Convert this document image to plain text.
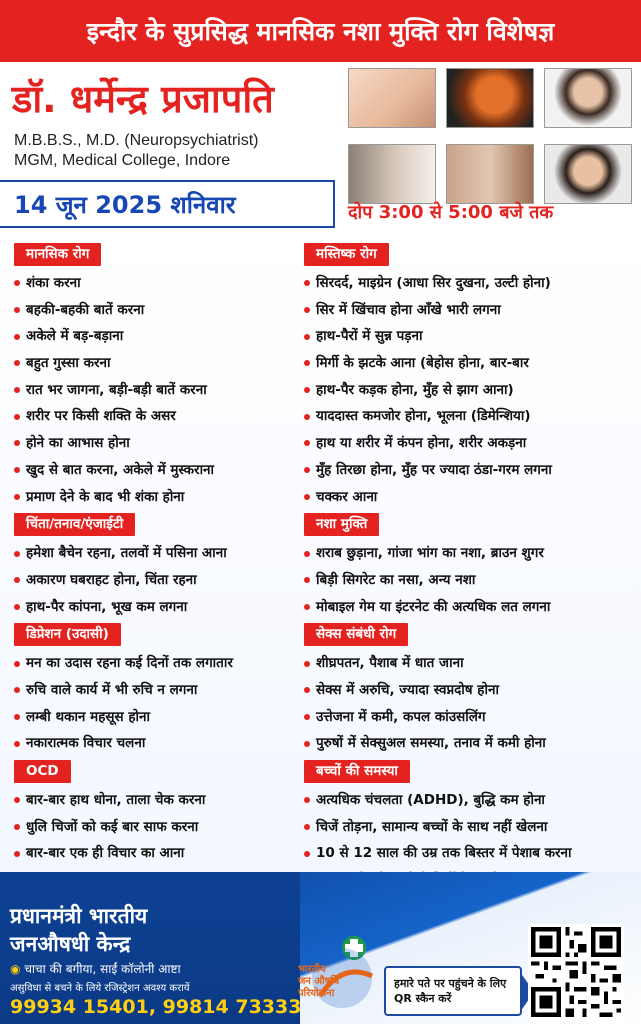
इन्दौर के सुप्रसिद्ध मानसिक नशा मुक्ति रोग विशेषज्ञ
डॉ. धर्मेन्द्र प्रजापति
M.B.B.S., M.D. (Neuropsychiatrist)
MGM, Medical College, Indore
14 जून 2025 शनिवार	दोप 3:00 से 5:00 बजे तक
मानसिक रोग
शंका करना
बहकी-बहकी बातें करना
अकेले में बड़-बड़ाना
बहुत गुस्सा करना
रात भर जागना, बड़ी-बड़ी बातें करना
शरीर पर किसी शक्ति के असर
होने का आभास होना
खुद से बात करना, अकेले में मुस्कराना
प्रमाण देने के बाद भी शंका होना
चिंता/तनाव/एंजाईटी
हमेशा बैचेन रहना, तलवों में पसिना आना
अकारण घबराहट होना, चिंता रहना
हाथ-पैर कांपना, भूख कम लगना
डिप्रेशन (उदासी)
मन का उदास रहना कई दिनों तक लगातार
रुचि वाले कार्य में भी रुचि न लगना
लम्बी थकान महसूस होना
नकारात्मक विचार चलना
OCD
बार-बार हाथ धोना, ताला चेक करना
धुलि चिजों को कई बार साफ करना
बार-बार एक ही विचार का आना
मस्तिष्क रोग
सिरदर्द, माइग्रेन (आधा सिर दुखना, उल्टी होना)
सिर में खिंचाव होना आँखे भारी लगना
हाथ-पैरों में सुन्न पड़ना
मिर्गी के झटके आना (बेहोस होना, बार-बार
हाथ-पैर कड़क होना, मुँह से झाग आना)
याददास्त कमजोर होना, भूलना (डिमेन्शिया)
हाथ या शरीर में कंपन होना, शरीर अकड़ना
मुँह तिरछा होना, मुँह पर ज्यादा ठंडा-गरम लगना
चक्कर आना
नशा मुक्ति
शराब छुड़ाना, गांजा भांग का नशा, ब्राउन शुगर
बिड़ी सिगरेट का नसा, अन्य नशा
मोबाइल गेम या इंटरनेट की अत्यधिक लत लगना
सेक्स संबंधी रोग
शीघ्रपतन, पैशाब में धात जाना
सेक्स में अरुचि, ज्यादा स्वप्नदोष होना
उत्तेजना में कमी, कपल कांउसलिंग
पुरुषों में सेक्सुअल समस्या, तनाव में कमी होना
बच्चों की समस्या
अत्यधिक चंचलता (ADHD), बुद्धि कम होना
चिजें तोड़ना, सामान्य बच्चों के साथ नहीं खेलना
10 से 12 साल की उम्र तक बिस्तर में पेशाब करना
प्रधानमंत्री भारतीय
जनऔषधी केन्द्र
◉ चाचा की बगीया, साईं कॉलोनी आष्टा
असुविधा से बचने के लिये रजिस्ट्रेशन अवश्य करायें
99934 15401, 99814 73333
भारतीय
जन औषधि
परियोजना
हमारे पते पर पहुंचने के लिए QR स्कैन करें
